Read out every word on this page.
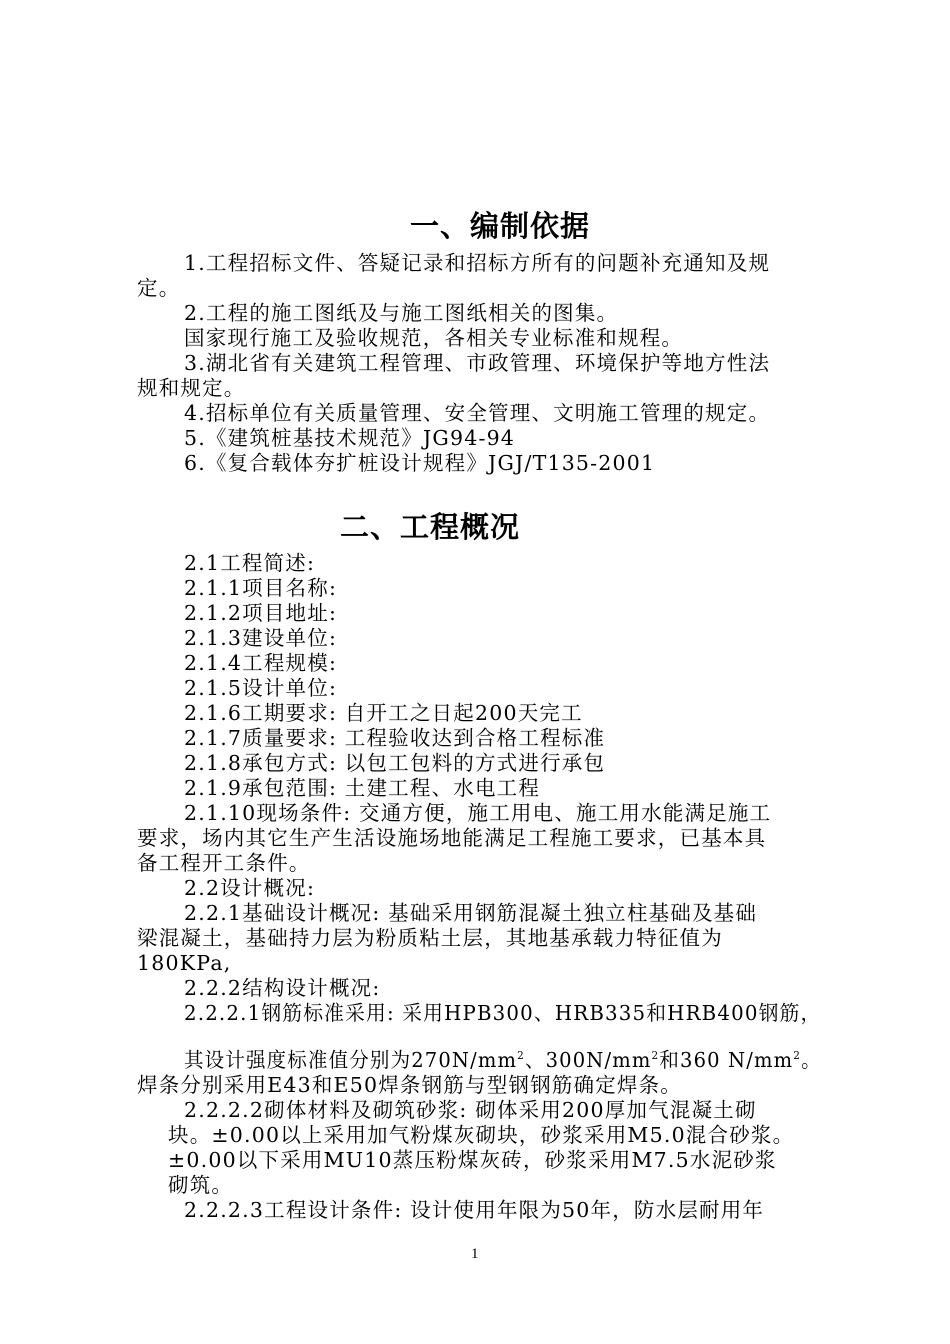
一、编制依据
1.工程招标文件、答疑记录和招标方所有的问题补充通知及规
定。
2.工程的施工图纸及与施工图纸相关的图集。
国家现行施工及验收规范，各相关专业标准和规程。
3.湖北省有关建筑工程管理、市政管理、环境保护等地方性法
规和规定。
4.招标单位有关质量管理、安全管理、文明施工管理的规定。
5.《建筑桩基技术规范》JG94-94
6.《复合载体夯扩桩设计规程》JGJ/T135-2001
二、工程概况
2.1工程简述:
2.1.1项目名称:
2.1.2项目地址:
2.1.3建设单位:
2.1.4工程规模:
2.1.5设计单位:
2.1.6工期要求: 自开工之日起200天完工
2.1.7质量要求: 工程验收达到合格工程标准
2.1.8承包方式: 以包工包料的方式进行承包
2.1.9承包范围: 土建工程、水电工程
2.1.10现场条件: 交通方便，施工用电、施工用水能满足施工
要求，场内其它生产生活设施场地能满足工程施工要求，已基本具
备工程开工条件。
2.2设计概况:
2.2.1基础设计概况: 基础采用钢筋混凝土独立柱基础及基础
梁混凝土，基础持力层为粉质粘土层，其地基承载力特征值为
180KPa,
2.2.2结构设计概况:
2.2.2.1钢筋标准采用: 采用HPB300、HRB335和HRB400钢筋，
其设计强度标准值分别为$270N/mm^2$、$300N/mm^2$和360 $N/mm^2$。
焊条分别采用E43和E50焊条钢筋与型钢钢筋确定焊条。
2.2.2.2砌体材料及砌筑砂浆: 砌体采用200厚加气混凝土砌
块。±0.00以上采用加气粉煤灰砌块，砂浆采用M5.0混合砂浆。
±0.00以下采用MU10蒸压粉煤灰砖，砂浆采用M7.5水泥砂浆
砌筑。
2.2.2.3工程设计条件: 设计使用年限为50年，防水层耐用年
1
